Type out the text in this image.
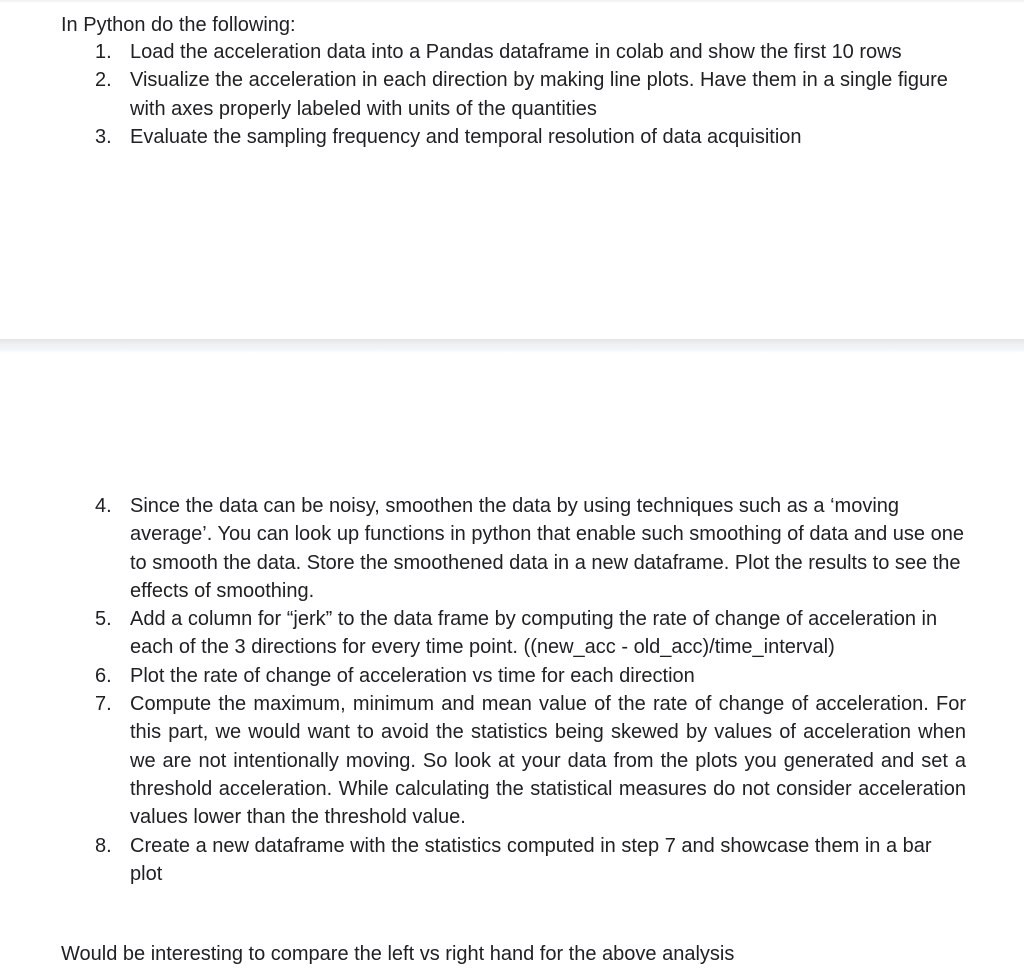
In Python do the following:
1. Load the acceleration data into a Pandas dataframe in colab and show the first 10 rows
2. Visualize the acceleration in each direction by making line plots. Have them in a single figure with axes properly labeled with units of the quantities
3. Evaluate the sampling frequency and temporal resolution of data acquisition
4. Since the data can be noisy, smoothen the data by using techniques such as a ‘moving average’. You can look up functions in python that enable such smoothing of data and use one to smooth the data. Store the smoothened data in a new dataframe. Plot the results to see the effects of smoothing.
5. Add a column for “jerk” to the data frame by computing the rate of change of acceleration in each of the 3 directions for every time point. ((new_acc - old_acc)/time_interval)
6. Plot the rate of change of acceleration vs time for each direction
7. Compute the maximum, minimum and mean value of the rate of change of acceleration. For this part, we would want to avoid the statistics being skewed by values of acceleration when we are not intentionally moving. So look at your data from the plots you generated and set a threshold acceleration. While calculating the statistical measures do not consider acceleration values lower than the threshold value.
8. Create a new dataframe with the statistics computed in step 7 and showcase them in a bar plot
Would be interesting to compare the left vs right hand for the above analysis
